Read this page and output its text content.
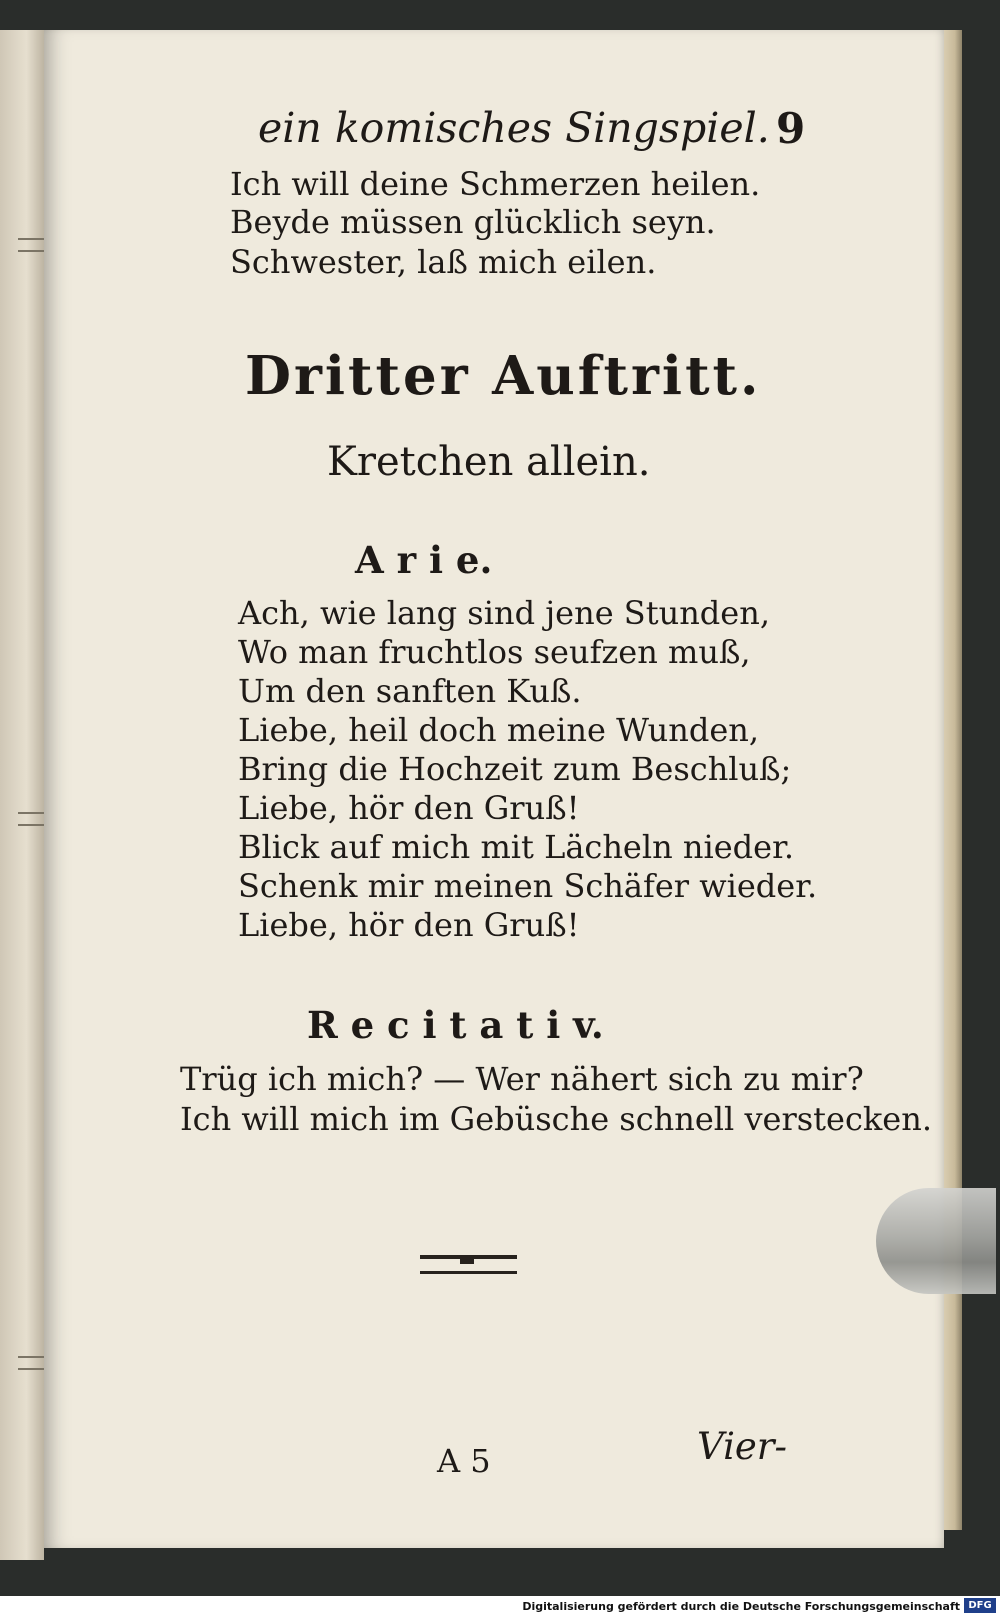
ein komisches Singspiel. 9
Ich will deine Schmerzen heilen.
Beyde müssen glücklich seyn.
Schwester, laß mich eilen.
Dritter Auftritt.
Kretchen allein.
A r i e.
Ach, wie lang sind jene Stunden,
Wo man fruchtlos seufzen muß,
Um den sanften Kuß.
Liebe, heil doch meine Wunden,
Bring die Hochzeit zum Beschluß;
Liebe, hör den Gruß!
Blick auf mich mit Lächeln nieder.
Schenk mir meinen Schäfer wieder.
Liebe, hör den Gruß!
R e c i t a t i v.
Trüg ich mich? — Wer nähert sich zu mir?
Ich will mich im Gebüsche schnell verstecken.
A 5	Vier-
Digitalisierung gefördert durch die Deutsche Forschungsgemeinschaft DFG
